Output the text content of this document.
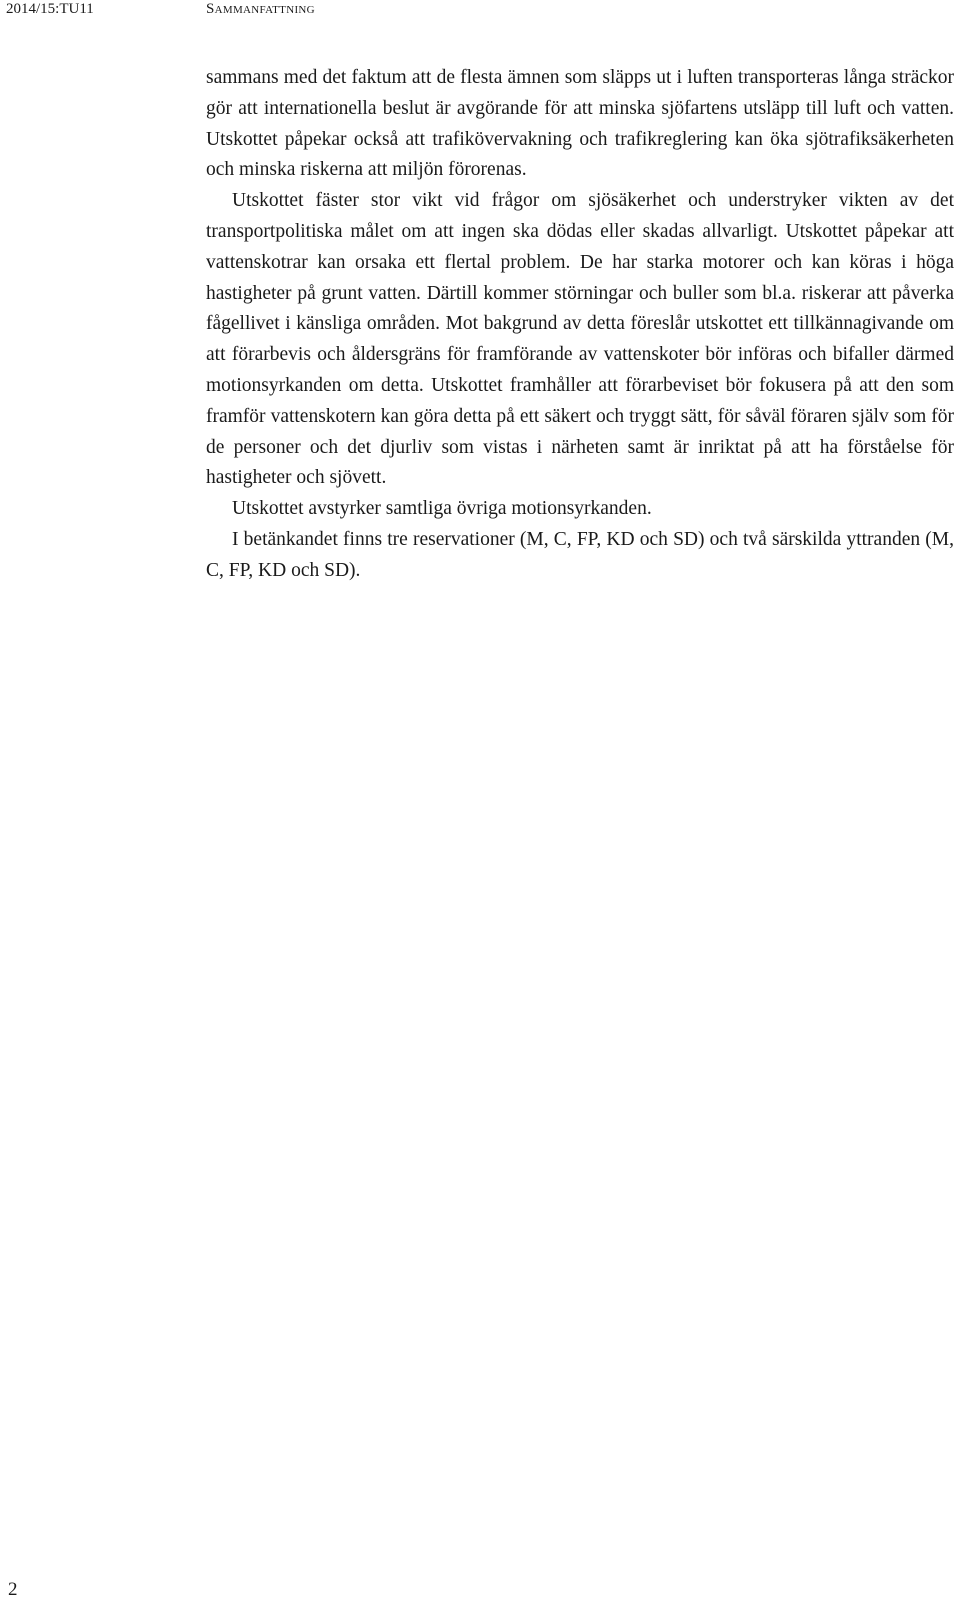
2014/15:TU11	Sammanfattning

sammans med det faktum att de flesta ämnen som släpps ut i luften transporteras långa sträckor gör att internationella beslut är avgörande för att minska sjöfartens utsläpp till luft och vatten. Utskottet påpekar också att trafikövervakning och trafikreglering kan öka sjötrafiksäkerheten och minska riskerna att miljön förorenas.

Utskottet fäster stor vikt vid frågor om sjösäkerhet och understryker vikten av det transportpolitiska målet om att ingen ska dödas eller skadas allvarligt. Utskottet påpekar att vattenskotrar kan orsaka ett flertal problem. De har starka motorer och kan köras i höga hastigheter på grunt vatten. Därtill kommer störningar och buller som bl.a. riskerar att påverka fågellivet i känsliga områden. Mot bakgrund av detta föreslår utskottet ett tillkännagivande om att förarbevis och åldersgräns för framförande av vattenskoter bör införas och bifaller därmed motionsyrkanden om detta. Utskottet framhåller att förarbeviset bör fokusera på att den som framför vattenskotern kan göra detta på ett säkert och tryggt sätt, för såväl föraren själv som för de personer och det djurliv som vistas i närheten samt är inriktat på att ha förståelse för hastigheter och sjövett.

Utskottet avstyrker samtliga övriga motionsyrkanden.

I betänkandet finns tre reservationer (M, C, FP, KD och SD) och två särskilda yttranden (M, C, FP, KD och SD).

2
